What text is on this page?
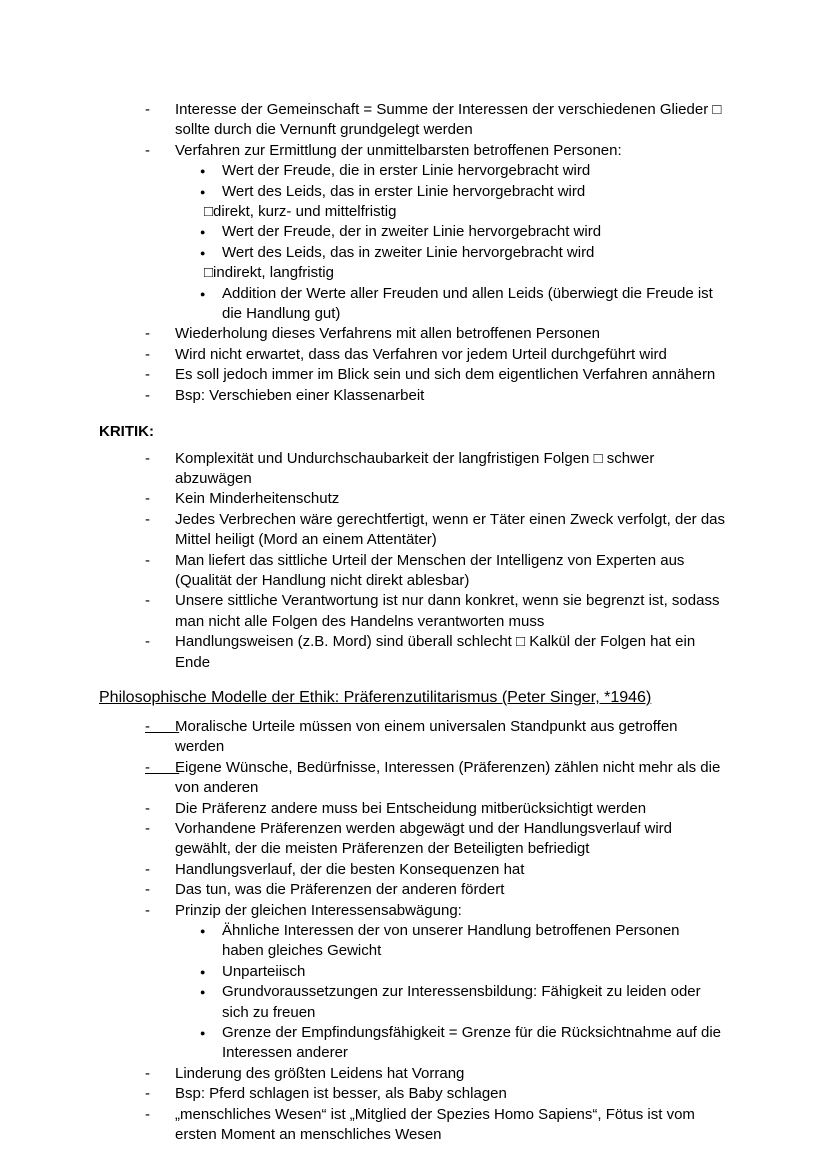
- Interesse der Gemeinschaft = Summe der Interessen der verschiedenen Glieder □ sollte durch die Vernunft grundgelegt werden
- Verfahren zur Ermittlung der unmittelbarsten betroffenen Personen:
● Wert der Freude, die in erster Linie hervorgebracht wird
● Wert des Leids, das in erster Linie hervorgebracht wird
□direkt, kurz- und mittelfristig
● Wert der Freude, der in zweiter Linie hervorgebracht wird
● Wert des Leids, das in zweiter Linie hervorgebracht wird
□indirekt, langfristig
● Addition der Werte aller Freuden und allen Leids (überwiegt die Freude ist die Handlung gut)
- Wiederholung dieses Verfahrens mit allen betroffenen Personen
- Wird nicht erwartet, dass das Verfahren vor jedem Urteil durchgeführt wird
- Es soll jedoch immer im Blick sein und sich dem eigentlichen Verfahren annähern
- Bsp: Verschieben einer Klassenarbeit
KRITIK:
- Komplexität und Undurchschaubarkeit der langfristigen Folgen □ schwer abzuwägen
- Kein Minderheitenschutz
- Jedes Verbrechen wäre gerechtfertigt, wenn er Täter einen Zweck verfolgt, der das Mittel heiligt (Mord an einem Attentäter)
- Man liefert das sittliche Urteil der Menschen der Intelligenz von Experten aus (Qualität der Handlung nicht direkt ablesbar)
- Unsere sittliche Verantwortung ist nur dann konkret, wenn sie begrenzt ist, sodass man nicht alle Folgen des Handelns verantworten muss
- Handlungsweisen (z.B. Mord) sind überall schlecht □ Kalkül der Folgen hat ein Ende
Philosophische Modelle der Ethik: Präferenzutilitarismus (Peter Singer, *1946)
-	Moralische Urteile müssen von einem universalen Standpunkt aus getroffen werden
-	Eigene Wünsche, Bedürfnisse, Interessen (Präferenzen) zählen nicht mehr als die von anderen
- Die Präferenz andere muss bei Entscheidung mitberücksichtigt werden
- Vorhandene Präferenzen werden abgewägt und der Handlungsverlauf wird gewählt, der die meisten Präferenzen der Beteiligten befriedigt
- Handlungsverlauf, der die besten Konsequenzen hat
- Das tun, was die Präferenzen der anderen fördert
- Prinzip der gleichen Interessensabwägung:
● Ähnliche Interessen der von unserer Handlung betroffenen Personen haben gleiches Gewicht
● Unparteiisch
● Grundvoraussetzungen zur Interessensbildung: Fähigkeit zu leiden oder sich zu freuen
● Grenze der Empfindungsfähigkeit = Grenze für die Rücksichtnahme auf die Interessen anderer
- Linderung des größten Leidens hat Vorrang
- Bsp: Pferd schlagen ist besser, als Baby schlagen
- „menschliches Wesen“ ist „Mitglied der Spezies Homo Sapiens“, Fötus ist vom ersten Moment an menschliches Wesen
